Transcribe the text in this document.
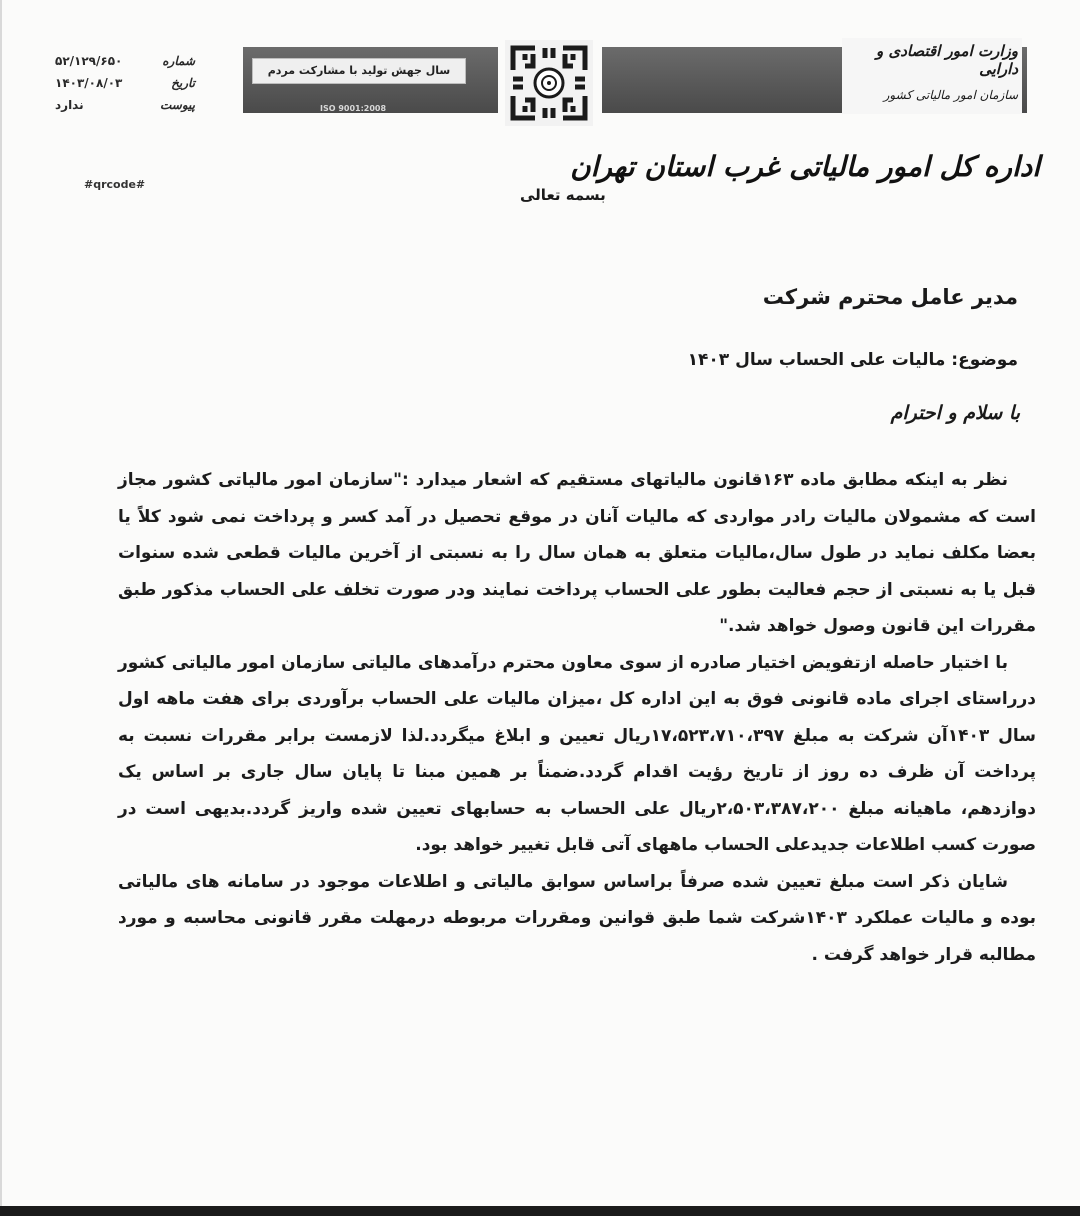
شماره
۵۲/۱۲۹/۶۵۰
تاریخ
۱۴۰۳/۰۸/۰۳
پیوست
ندارد
#qrcode#
سال جهش تولید با مشارکت مردم
ISO 9001:2008
وزارت امور اقتصادی و دارایی
سازمان امور مالیاتی کشور
اداره کل امور مالیاتی غرب استان تهران
بسمه تعالی
مدیر عامل محترم شرکت
موضوع: مالیات علی الحساب سال ۱۴۰۳
با سلام و احترام

نظر به اینکه مطابق ماده ۱۶۳قانون مالیاتهای مستقیم که اشعار میدارد :"سازمان امور مالیاتی کشور مجاز است که مشمولان مالیات رادر مواردی که مالیات آنان در موقع تحصیل در آمد کسر و پرداخت نمی شود کلاً یا بعضا مکلف نماید در طول سال،مالیات متعلق به همان سال را به نسبتی از آخرین مالیات قطعی شده سنوات قبل یا به نسبتی از حجم فعالیت بطور علی الحساب پرداخت نمایند ودر صورت تخلف علی الحساب مذکور طبق مقررات این قانون وصول خواهد شد."

با اختیار حاصله ازتفویض اختیار صادره از سوی معاون محترم درآمدهای مالیاتی سازمان امور مالیاتی کشور درراستای اجرای ماده قانونی فوق به این اداره کل ،میزان مالیات علی الحساب برآوردی برای هفت ماهه اول سال ۱۴۰۳آن شرکت به مبلغ ۱۷،۵۲۳،۷۱۰،۳۹۷ریال تعیین و ابلاغ میگردد.لذا لازمست برابر مقررات نسبت به پرداخت آن ظرف ده روز از تاریخ رؤیت اقدام گردد.ضمناً بر همین مبنا تا پایان سال جاری بر اساس یک دوازدهم، ماهیانه مبلغ ۲،۵۰۳،۳۸۷،۲۰۰ریال علی الحساب به حسابهای تعیین شده واریز گردد.بدیهی است در صورت کسب اطلاعات جدیدعلی الحساب ماههای آتی قابل تغییر خواهد بود.

شایان ذکر است مبلغ تعیین شده صرفاً براساس سوابق مالیاتی و اطلاعات موجود در سامانه های مالیاتی بوده و مالیات عملکرد ۱۴۰۳شرکت شما طبق قوانین ومقررات مربوطه درمهلت مقرر قانونی محاسبه و مورد مطالبه قرار خواهد گرفت .
